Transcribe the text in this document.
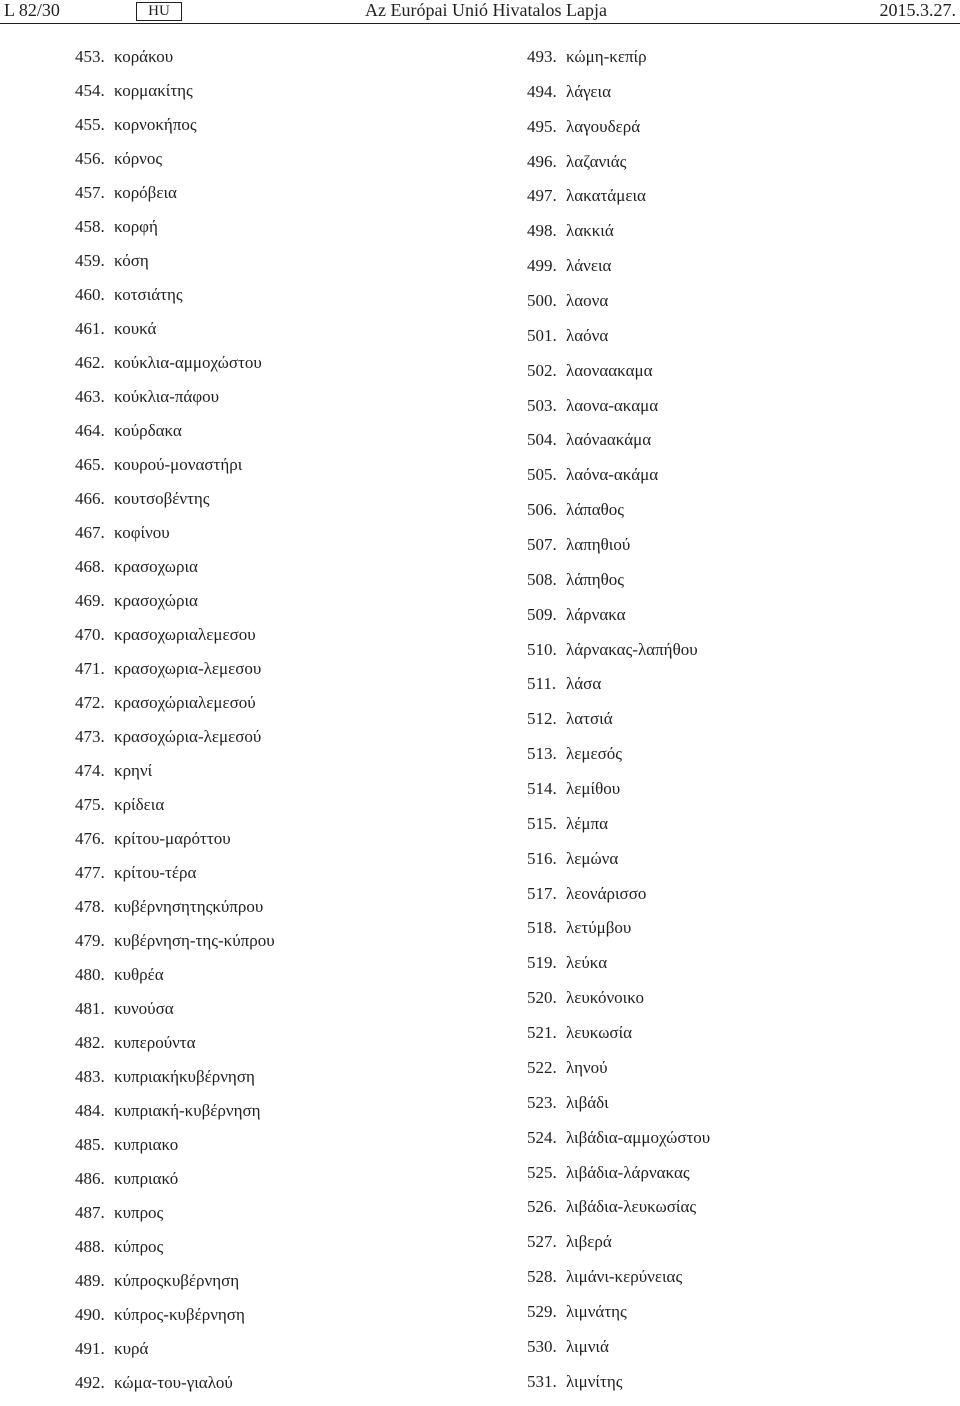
L 82/30	HU	Az Európai Unió Hivatalos Lapja	2015.3.27.
453. κοράκου
454. κορμακίτης
455. κορνοκήπος
456. κόρνος
457. κορόβεια
458. κορφή
459. κόση
460. κοτσιάτης
461. κουκά
462. κούκλια-αμμοχώστου
463. κούκλια-πάφου
464. κούρδακα
465. κουρού-μοναστήρι
466. κουτσοβέντης
467. κοφίνου
468. κρασοχωρια
469. κρασοχώρια
470. κρασοχωριαλεμεσου
471. κρασοχωρια-λεμεσου
472. κρασοχώριαλεμεσού
473. κρασοχώρια-λεμεσού
474. κρηνί
475. κρίδεια
476. κρίτου-μαρόττου
477. κρίτου-τέρα
478. κυβέρνησητηςκύπρου
479. κυβέρνηση-της-κύπρου
480. κυθρέα
481. κυνούσα
482. κυπερούντα
483. κυπριακήκυβέρνηση
484. κυπριακή-κυβέρνηση
485. κυπριακο
486. κυπριακό
487. κυπρος
488. κύπρος
489. κύπροςκυβέρνηση
490. κύπρος-κυβέρνηση
491. κυρά
492. κώμα-του-γιαλού
493. κώμη-κεπίρ
494. λάγεια
495. λαγουδερά
496. λαζανιάς
497. λακατάμεια
498. λακκιά
499. λάνεια
500. λαονα
501. λαόνα
502. λαοναακαμα
503. λαονα-ακαμα
504. λαόνaακάμα
505. λαόνα-ακάμα
506. λάπαθος
507. λαπηθιού
508. λάπηθος
509. λάρνακα
510. λάρνακας-λαπήθου
511. λάσα
512. λατσιά
513. λεμεσός
514. λεμίθου
515. λέμπα
516. λεμώνα
517. λεονάρισσο
518. λετύμβου
519. λεύκα
520. λευκόνοικο
521. λευκωσία
522. ληνού
523. λιβάδι
524. λιβάδια-αμμοχώστου
525. λιβάδια-λάρνακας
526. λιβάδια-λευκωσίας
527. λιβερά
528. λιμάνι-κερύνειας
529. λιμνάτης
530. λιμνιά
531. λιμνίτης
